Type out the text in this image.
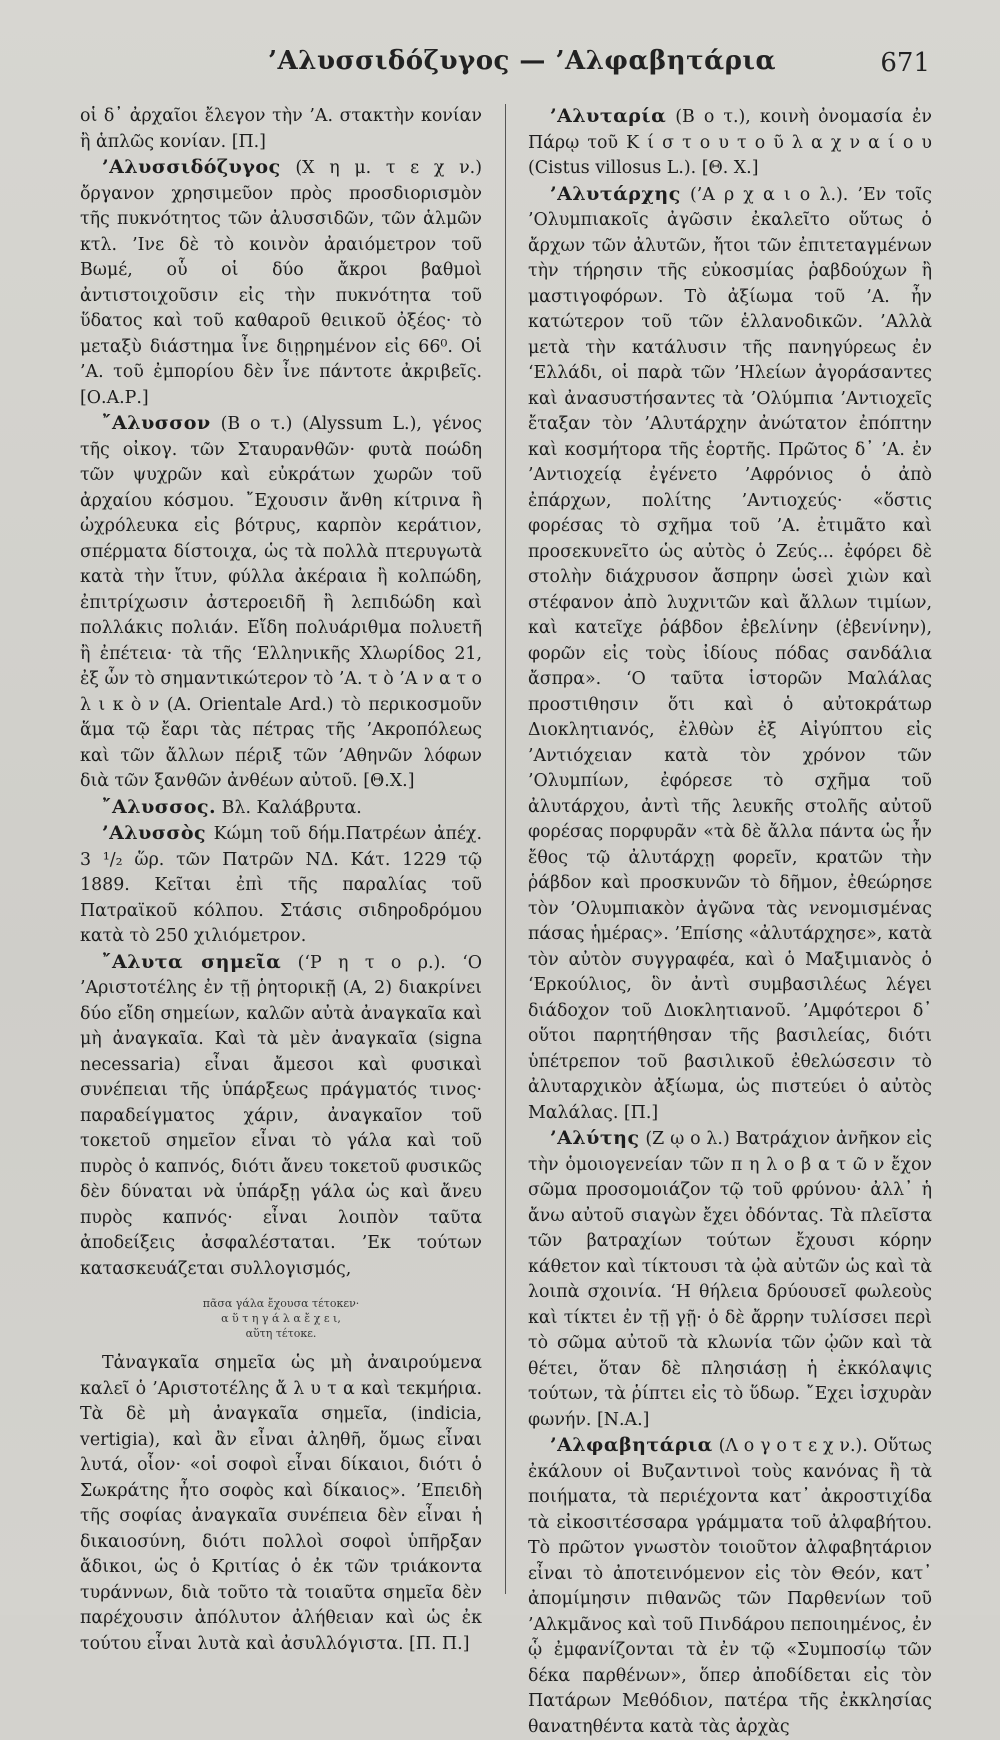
’Αλυσσιδόζυγος — ’Αλφαβητάρια	671

οἱ δ᾽ ἀρχαῖοι ἔλεγον τὴν ’Α. στακτὴν κονίαν ἢ ἁπλῶς κονίαν. [Π.]

’Αλυσσιδόζυγος (Χ η μ. τ ε χ ν.) ὄργανον χρησιμεῦον πρὸς προσδιορισμὸν τῆς πυκνότητος τῶν ἀλυσσιδῶν, τῶν ἁλμῶν κτλ. ’Ινε δὲ τὸ κοινὸν ἀραιόμετρον τοῦ Βωμέ, οὗ οἱ δύο ἄκροι βαθμοὶ ἀντιστοιχοῦσιν εἰς τὴν πυκνότητα τοῦ ὕδατος καὶ τοῦ καθαροῦ θειικοῦ ὀξέος· τὸ μεταξὺ διάστημα ἶνε διῃρημένον εἰς 66⁰. Οἱ ’Α. τοῦ ἐμπορίου δὲν ἶνε πάντοτε ἀκριβεῖς. [Ο.Α.Ρ.]

῎Αλυσσον (Β ο τ.) (Alyssum L.), γένος τῆς οἰκογ. τῶν Σταυρανθῶν· φυτὰ ποώδη τῶν ψυχρῶν καὶ εὐκράτων χωρῶν τοῦ ἀρχαίου κόσμου. ῎Εχουσιν ἄνθη κίτρινα ἢ ὠχρόλευκα εἰς βότρυς, καρπὸν κεράτιον, σπέρματα δίστοιχα, ὡς τὰ πολλὰ πτερυγωτὰ κατὰ τὴν ἴτυν, φύλλα ἀκέραια ἢ κολπώδη, ἐπιτρίχωσιν ἀστεροειδῆ ἢ λεπιδώδη καὶ πολλάκις πολιάν. Εἴδη πολυάριθμα πολυετῆ ἢ ἐπέτεια· τὰ τῆς ‘Ελληνικῆς Χλωρίδος 21, ἐξ ὧν τὸ σημαντικώτερον τὸ ’Α. τ ὸ ’Α ν α τ ο λ ι κ ὸ ν (Α. Orientale Ard.) τὸ περικοσμοῦν ἅμα τῷ ἔαρι τὰς πέτρας τῆς ’Ακροπόλεως καὶ τῶν ἄλλων πέριξ τῶν ’Αθηνῶν λόφων διὰ τῶν ξανθῶν ἀνθέων αὐτοῦ. [Θ.Χ.]

῎Αλυσσος. Βλ. Καλάβρυτα.

’Αλυσσὸς Κώμη τοῦ δήμ.Πατρέων ἀπέχ. 3 ¹/₂ ὥρ. τῶν Πατρῶν ΝΔ. Κάτ. 1229 τῷ 1889. Κεῖται ἐπὶ τῆς παραλίας τοῦ Πατραϊκοῦ κόλπου. Στάσις σιδηροδρόμου κατὰ τὸ 250 χιλιόμετρον.

῎Αλυτα σημεῖα (‘Ρ η τ ο ρ.). ‘Ο ’Αριστοτέλης ἐν τῇ ῥητορικῇ (Α, 2) διακρίνει δύο εἴδη σημείων, καλῶν αὐτὰ ἀναγκαῖα καὶ μὴ ἀναγκαῖα. Καὶ τὰ μὲν ἀναγκαῖα (signa necessaria) εἶναι ἄμεσοι καὶ φυσικαὶ συνέπειαι τῆς ὑπάρξεως πράγματός τινος· παραδείγματος χάριν, ἀναγκαῖον τοῦ τοκετοῦ σημεῖον εἶναι τὸ γάλα καὶ τοῦ πυρὸς ὁ καπνός, διότι ἄνευ τοκετοῦ φυσικῶς δὲν δύναται νὰ ὑπάρξῃ γάλα ὡς καὶ ἄνευ πυρὸς καπνός· εἶναι λοιπὸν ταῦτα ἀποδείξεις ἀσφαλέσταται. ’Εκ τούτων κατασκευάζεται συλλογισμός,

πᾶσα γάλα ἔχουσα τέτοκεν·
α ὕ τ η γ ά λ α ἔ χ ε ι,
αὕτη τέτοκε.

Τἀναγκαῖα σημεῖα ὡς μὴ ἀναιρούμενα καλεῖ ὁ ’Αριστοτέλης ἄ λ υ τ α καὶ τεκμήρια. Τὰ δὲ μὴ ἀναγκαῖα σημεῖα, (indicia, vertigia), καὶ ἂν εἶναι ἀληθῆ, ὅμως εἶναι λυτά, οἷον· «οἱ σοφοὶ εἶναι δίκαιοι, διότι ὁ Σωκράτης ἦτο σοφὸς καὶ δίκαιος». ’Επειδὴ τῆς σοφίας ἀναγκαῖα συνέπεια δὲν εἶναι ἡ δικαιοσύνη, διότι πολλοὶ σοφοὶ ὑπῆρξαν ἄδικοι, ὡς ὁ Κριτίας ὁ ἐκ τῶν τριάκοντα τυράννων, διὰ τοῦτο τὰ τοιαῦτα σημεῖα δὲν παρέχουσιν ἀπόλυτον ἀλήθειαν καὶ ὡς ἐκ τούτου εἶναι λυτὰ καὶ ἀσυλλόγιστα. [Π. Π.]

’Αλυταρία (Β ο τ.), κοινὴ ὀνομασία ἐν Πάρῳ τοῦ Κ ί σ τ ο υ τ ο ῦ λ α χ ν α ί ο υ (Cistus villosus L.). [Θ. Χ.]

’Αλυτάρχης (’Α ρ χ α ι ο λ.). ’Εν τοῖς ’Ολυμπιακοῖς ἀγῶσιν ἐκαλεῖτο οὕτως ὁ ἄρχων τῶν ἀλυτῶν, ἤτοι τῶν ἐπιτεταγμένων τὴν τήρησιν τῆς εὐκοσμίας ῥαβδούχων ἢ μαστιγοφόρων. Τὸ ἀξίωμα τοῦ ’Α. ἦν κατώτερον τοῦ τῶν ἑλλανοδικῶν. ’Αλλὰ μετὰ τὴν κατάλυσιν τῆς πανηγύρεως ἐν ‘Ελλάδι, οἱ παρὰ τῶν ’Ηλείων ἀγοράσαντες καὶ ἀνασυστήσαντες τὰ ’Ολύμπια ’Αντιοχεῖς ἔταξαν τὸν ’Αλυτάρχην ἀνώτατον ἐπόπτην καὶ κοσμήτορα τῆς ἑορτῆς. Πρῶτος δ᾽ ’Α. ἐν ’Αντιοχείᾳ ἐγένετο ’Αφρόνιος ὁ ἀπὸ ἐπάρχων, πολίτης ’Αντιοχεύς· «ὅστις φορέσας τὸ σχῆμα τοῦ ’Α. ἐτιμᾶτο καὶ προσεκυνεῖτο ὡς αὐτὸς ὁ Ζεύς... ἐφόρει δὲ στολὴν διάχρυσον ἄσπρην ὡσεὶ χιὼν καὶ στέφανον ἀπὸ λυχνιτῶν καὶ ἄλλων τιμίων, καὶ κατεῖχε ῥάβδον ἐβελίνην (ἐβενίνην), φορῶν εἰς τοὺς ἰδίους πόδας σανδάλια ἄσπρα». ‘Ο ταῦτα ἱστορῶν Μαλάλας προστιθησιν ὅτι καὶ ὁ αὐτοκράτωρ Διοκλητιανός, ἐλθὼν ἐξ Αἰγύπτου εἰς ’Αντιόχειαν κατὰ τὸν χρόνον τῶν ’Ολυμπίων, ἐφόρεσε τὸ σχῆμα τοῦ ἀλυτάρχου, ἀντὶ τῆς λευκῆς στολῆς αὐτοῦ φορέσας πορφυρᾶν «τὰ δὲ ἄλλα πάντα ὡς ἦν ἔθος τῷ ἀλυτάρχῃ φορεῖν, κρατῶν τὴν ῥάβδον καὶ προσκυνῶν τὸ δῆμον, ἐθεώρησε τὸν ’Ολυμπιακὸν ἀγῶνα τὰς νενομισμένας πάσας ἡμέρας». ’Επίσης «ἀλυτάρχησε», κατὰ τὸν αὐτὸν συγγραφέα, καὶ ὁ Μαξιμιανὸς ὁ ‘Ερκούλιος, ὃν ἀντὶ συμβασιλέως λέγει διάδοχον τοῦ Διοκλητιανοῦ. ’Αμφότεροι δ᾽ οὕτοι παρητήθησαν τῆς βασιλείας, διότι ὑπέτρεπον τοῦ βασιλικοῦ ἐθελώσεσιν τὸ ἀλυταρχικὸν ἀξίωμα, ὡς πιστεύει ὁ αὐτὸς Μαλάλας. [Π.]

’Αλύτης (Ζ ῳ ο λ.) Βατράχιον ἀνῆκον εἰς τὴν ὁμοιογενείαν τῶν π η λ ο β α τ ῶ ν ἔχον σῶμα προσομοιάζον τῷ τοῦ φρύνου· ἀλλ᾽ ἡ ἄνω αὐτοῦ σιαγὼν ἔχει ὀδόντας. Τὰ πλεῖστα τῶν βατραχίων τούτων ἔχουσι κόρην κάθετον καὶ τίκτουσι τὰ ᾠὰ αὐτῶν ὡς καὶ τὰ λοιπὰ σχοινία. ‘Η θήλεια δρύουσεῖ φωλεοὺς καὶ τίκτει ἐν τῇ γῇ· ὁ δὲ ἄρρην τυλίσσει περὶ τὸ σῶμα αὐτοῦ τὰ κλωνία τῶν ᾠῶν καὶ τὰ θέτει, ὅταν δὲ πλησιάσῃ ἡ ἐκκόλαψις τούτων, τὰ ῥίπτει εἰς τὸ ὕδωρ. ῎Εχει ἰσχυρὰν φωνήν. [Ν.Α.]

’Αλφαβητάρια (Λ ο γ ο τ ε χ ν.). Οὕτως ἐκάλουν οἱ Βυζαντινοὶ τοὺς κανόνας ἢ τὰ ποιήματα, τὰ περιέχοντα κατ᾽ ἀκροστιχίδα τὰ εἰκοσιτέσσαρα γράμματα τοῦ ἀλφαβήτου. Τὸ πρῶτον γνωστὸν τοιοῦτον ἀλφαβητάριον εἶναι τὸ ἀποτεινόμενον εἰς τὸν Θεόν, κατ᾽ ἀπομίμησιν πιθανῶς τῶν Παρθενίων τοῦ ’Αλκμᾶνος καὶ τοῦ Πινδάρου πεποιημένος, ἐν ᾧ ἐμφανίζονται τὰ ἐν τῷ «Συμποσίῳ τῶν δέκα παρθένων», ὅπερ ἀποδίδεται εἰς τὸν Πατάρων Μεθόδιον, πατέρα τῆς ἐκκλησίας θανατηθέντα κατὰ τὰς ἀρχὰς
